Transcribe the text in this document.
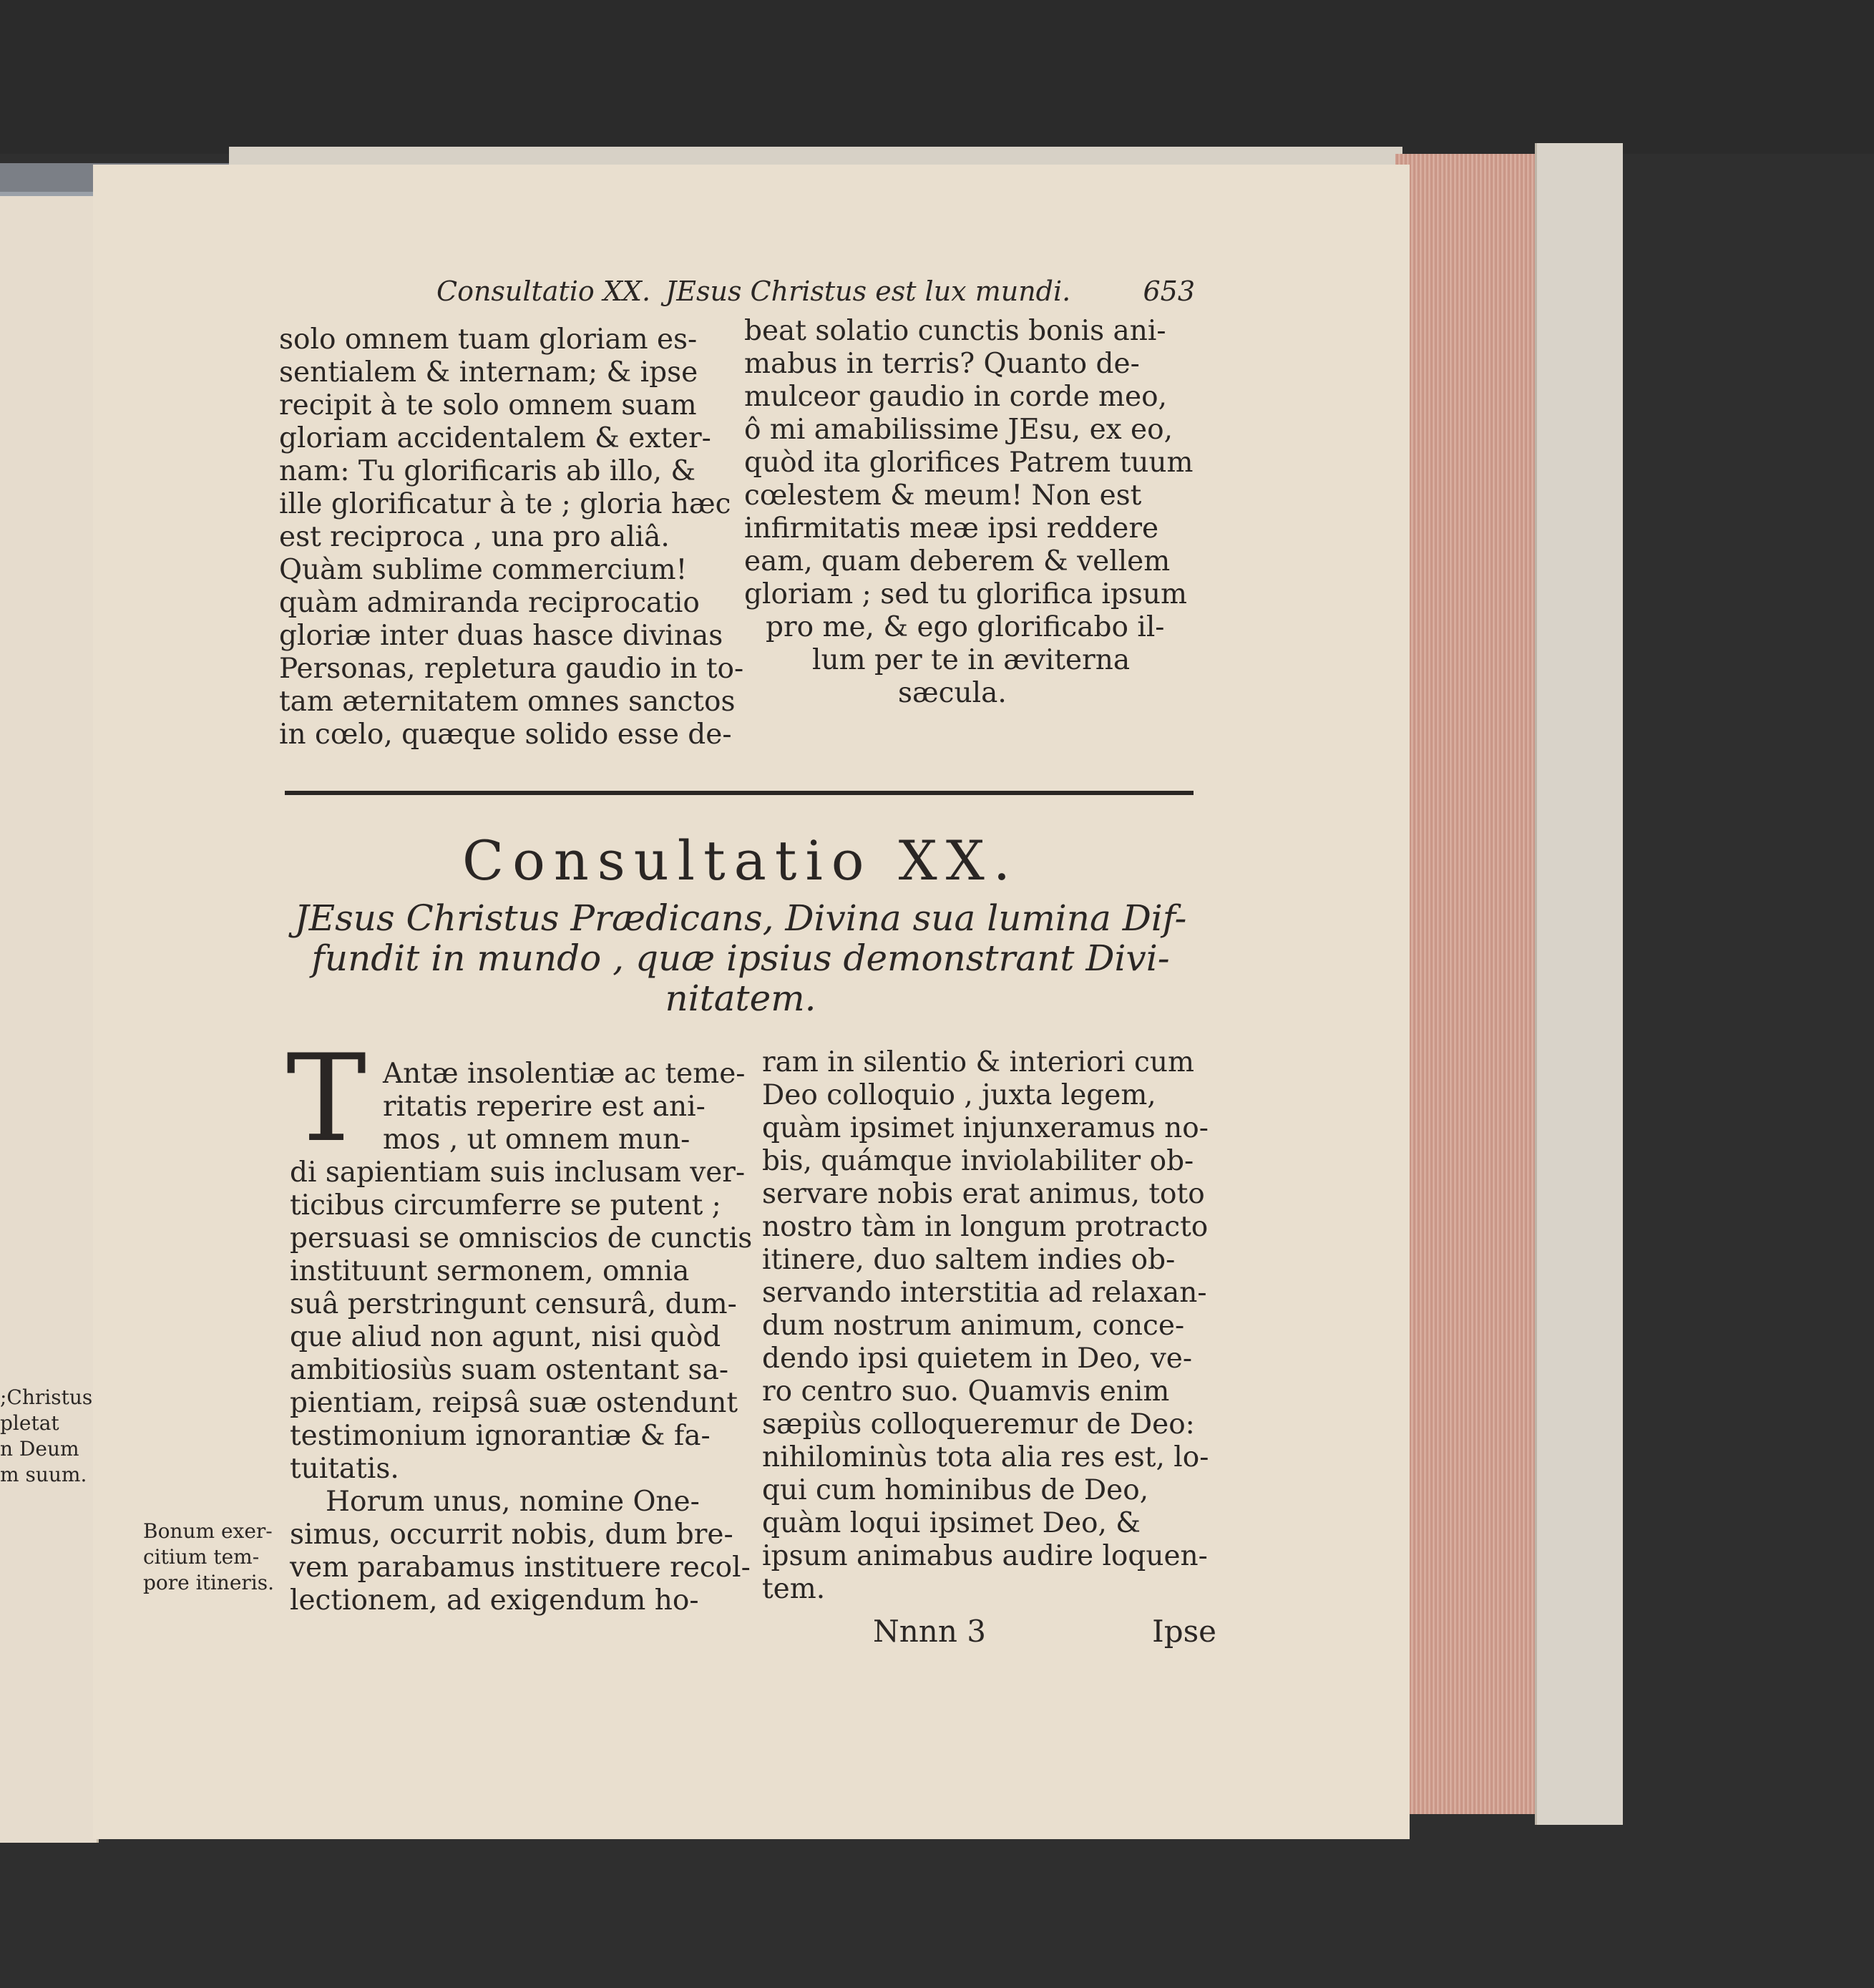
;Christus
pletat
n Deum
m suum.
Consultatio XX. JEsus Christus est lux mundi.	653
solo omnem tuam gloriam es-
sentialem & internam; & ipse
recipit à te solo omnem suam
gloriam accidentalem & exter-
nam: Tu glorificaris ab illo, &
ille glorificatur à te ; gloria hæc
est reciproca , una pro aliâ.
Quàm sublime commercium!
quàm admiranda reciprocatio
gloriæ inter duas hasce divinas
Personas, repletura gaudio in to-
tam æternitatem omnes sanctos
in cœlo, quæque solido esse de-
beat solatio cunctis bonis ani-
mabus in terris? Quanto de-
mulceor gaudio in corde meo,
ô mi amabilissime JEsu, ex eo,
quòd ita glorifices Patrem tuum
cœlestem & meum! Non est
infirmitatis meæ ipsi reddere
eam, quam deberem & vellem
gloriam ; sed tu glorifica ipsum
pro me, & ego glorificabo il-
lum per te in æviterna
sæcula.
Consultatio XX.
JEsus Christus Prædicans, Divina sua lumina Dif-
fundit in mundo , quæ ipsius demonstrant Divi-
nitatem.
T Antæ insolentiæ ac teme-
ritatis reperire est ani-
mos , ut omnem mun-
di sapientiam suis inclusam ver-
ticibus circumferre se putent ;
persuasi se omniscios de cunctis
instituunt sermonem, omnia
suâ perstringunt censurâ, dum-
que aliud non agunt, nisi quòd
ambitiosiùs suam ostentant sa-
pientiam, reipsâ suæ ostendunt
testimonium ignorantiæ & fa-
tuitatis.
Horum unus, nomine One-
simus, occurrit nobis, dum bre-
vem parabamus instituere recol-
lectionem, ad exigendum ho-
Bonum exer-
citium tem-
pore itineris.
ram in silentio & interiori cum
Deo colloquio , juxta legem,
quàm ipsimet injunxeramus no-
bis, quámque inviolabiliter ob-
servare nobis erat animus, toto
nostro tàm in longum protracto
itinere, duo saltem indies ob-
servando interstitia ad relaxan-
dum nostrum animum, conce-
dendo ipsi quietem in Deo, ve-
ro centro suo. Quamvis enim
sæpiùs colloqueremur de Deo:
nihilominùs tota alia res est, lo-
qui cum hominibus de Deo,
quàm loqui ipsimet Deo, &
ipsum animabus audire loquen-
tem.
Nnnn 3	Ipse
